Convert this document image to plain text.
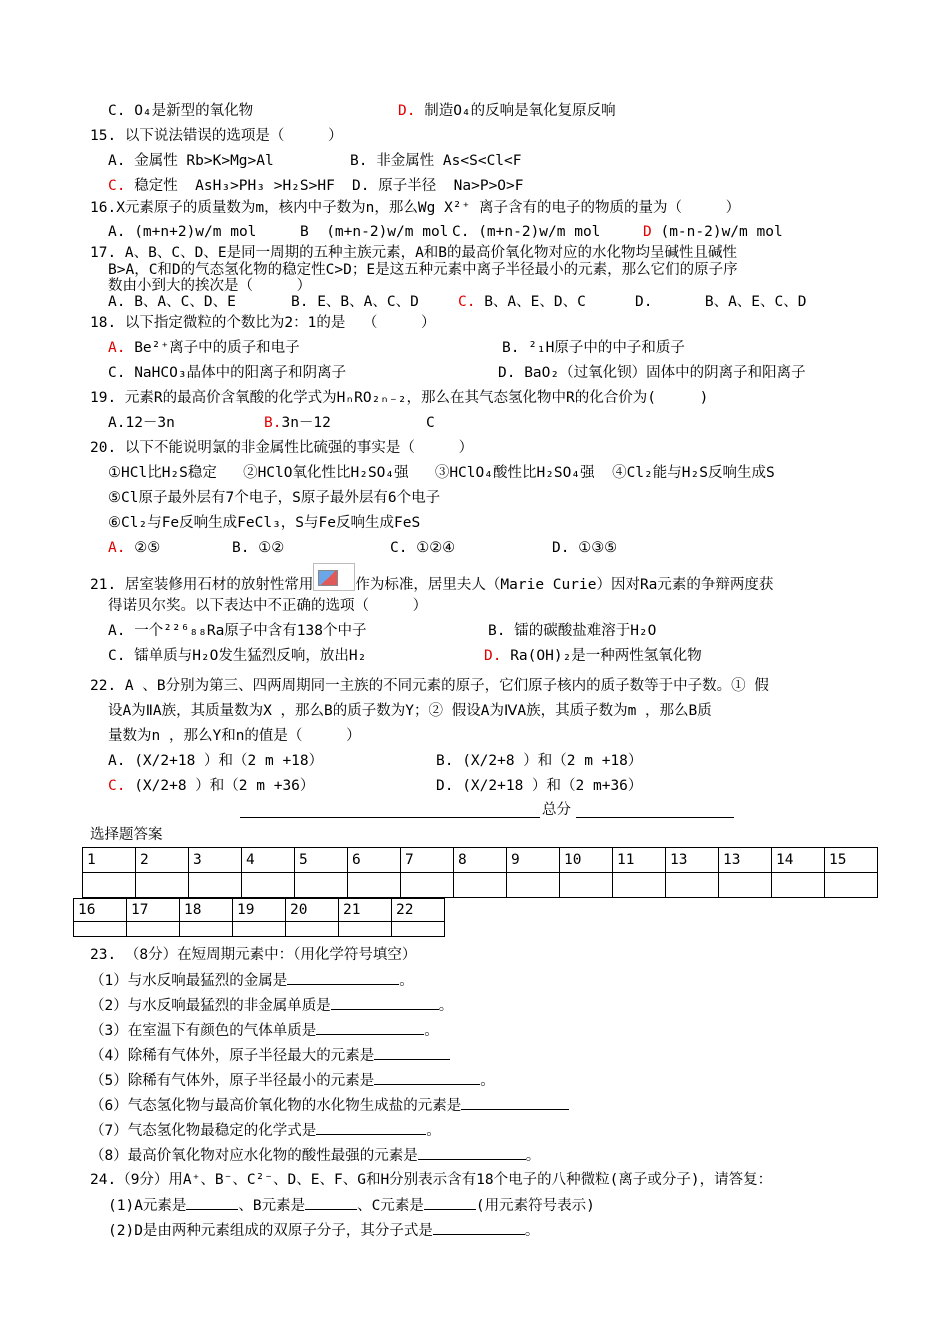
C. O₄是新型的氧化物	D. 制造O₄的反响是氧化复原反响
15. 以下说法错误的选项是（     ）
A. 金属性 Rb>K>Mg>Al	B. 非金属性 As<S<Cl<F
C. 稳定性  AsH₃>PH₃ >H₂S>HF D. 原子半径  Na>P>O>F
16.X元素原子的质量数为m，核内中子数为n，那么Wg X²⁺ 离子含有的电子的物质的量为（     ）
A. (m+n+2)w/m mol	B  (m+n-2)w/m mol C. (m+n-2)w/m mol	D (m-n-2)w/m mol
17. A、B、C、D、E是同一周期的五种主族元素，A和B的最高价氧化物对应的水化物均呈碱性且碱性
B>A，C和D的气态氢化物的稳定性C>D；E是这五种元素中离子半径最小的元素，那么它们的原子序
数由小到大的挨次是（     ）
A. B、A、C、D、E	B. E、B、A、C、D	C. B、A、E、D、C	D.      B、A、E、C、D
18. 以下指定微粒的个数比为2：1的是  （     ）
A. Be²⁺离子中的质子和电子	B. ²₁H原子中的中子和质子
C. NaHCO₃晶体中的阳离子和阴离子	D. BaO₂（过氧化钡）固体中的阴离子和阳离子
19. 元素R的最高价含氧酸的化学式为HₙRO₂ₙ₋₂，那么在其气态氢化物中R的化合价为(     )
A.12－3n	B.3n－12	C
20. 以下不能说明氯的非金属性比硫强的事实是（     ）
①HCl比H₂S稳定   ②HClO氧化性比H₂SO₄强   ③HClO₄酸性比H₂SO₄强  ④Cl₂能与H₂S反响生成S
⑤Cl原子最外层有7个电子，S原子最外层有6个电子
⑥Cl₂与Fe反响生成FeCl₃，S与Fe反响生成FeS
A. ②⑤	B. ①②	C. ①②④	D. ①③⑤
21. 居室装修用石材的放射性常用	作为标准，居里夫人（Marie Curie）因对Ra元素的争辩两度获
得诺贝尔奖。以下表达中不正确的选项（     ）
A. 一个²²⁶₈₈Ra原子中含有138个中子	B. 镭的碳酸盐难溶于H₂O
C. 镭单质与H₂O发生猛烈反响，放出H₂	D. Ra(OH)₂是一种两性氢氧化物
22. A 、B分别为第三、四两周期同一主族的不同元素的原子，它们原子核内的质子数等于中子数。① 假
设A为ⅡA族，其质量数为X ，那么B的质子数为Y；② 假设A为ⅣA族，其质子数为m ，那么B质
量数为n ，那么Y和n的值是（     ）
A. (X/2+18 ）和（2 m +18）	B. (X/2+8 ）和（2 m +18）
C. (X/2+8 ）和（2 m +36）	D. (X/2+18 ）和（2 m+36）
总分
选择题答案
1	2	3	4	5	6	7	8	9	10	11	13	13	14	15

16	17	18	19	20	21	22

23. （8分）在短周期元素中：（用化学符号填空）
（1）与水反响最猛烈的金属是	。
（2）与水反响最猛烈的非金属单质是	。
（3）在室温下有颜色的气体单质是	。
（4）除稀有气体外，原子半径最大的元素是
（5）除稀有气体外，原子半径最小的元素是	。
（6）气态氢化物与最高价氧化物的水化物生成盐的元素是
（7）气态氢化物最稳定的化学式是	。
（8）最高价氧化物对应水化物的酸性最强的元素是	。
24.（9分）用A⁺、B⁻、C²⁻、D、E、F、G和H分别表示含有18个电子的八种微粒(离子或分子)，请答复：
(1)A元素是	、B元素是	、C元素是	(用元素符号表示)
(2)D是由两种元素组成的双原子分子，其分子式是	。
